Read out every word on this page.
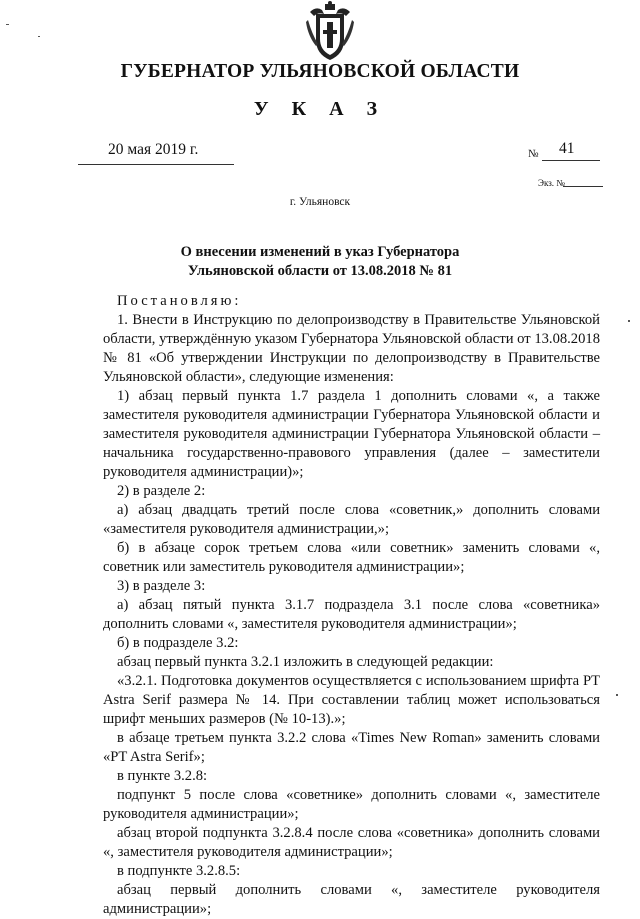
ГУБЕРНАТОР УЛЬЯНОВСКОЙ ОБЛАСТИ
У К А З
20 мая 2019 г.	№ 41
Экз. №
г. Ульяновск
О внесении изменений в указ Губернатора
Ульяновской области от 13.08.2018 № 81

Постановляю:

1. Внести в Инструкцию по делопроизводству в Правительстве Ульяновской области, утверждённую указом Губернатора Ульяновской области от 13.08.2018 № 81 «Об утверждении Инструкции по делопроизводству в Правительстве Ульяновской области», следующие изменения:

1) абзац первый пункта 1.7 раздела 1 дополнить словами «, а также заместителя руководителя администрации Губернатора Ульяновской области и заместителя руководителя администрации Губернатора Ульяновской области – начальника государственно-правового управления (далее – заместители руководителя администрации)»;

2) в разделе 2:

а) абзац двадцать третий после слова «советник,» дополнить словами «заместителя руководителя администрации,»;

б) в абзаце сорок третьем слова «или советник» заменить словами «, советник или заместитель руководителя администрации»;

3) в разделе 3:

а) абзац пятый пункта 3.1.7 подраздела 3.1 после слова «советника» дополнить словами «, заместителя руководителя администрации»;

б) в подразделе 3.2:

абзац первый пункта 3.2.1 изложить в следующей редакции:

«3.2.1. Подготовка документов осуществляется с использованием шрифта PT Astra Serif размера № 14. При составлении таблиц может использоваться шрифт меньших размеров (№ 10-13).»;

в абзаце третьем пункта 3.2.2 слова «Times New Roman» заменить словами «PT Astra Serif»;

в пункте 3.2.8:

подпункт 5 после слова «советнике» дополнить словами «, заместителе руководителя администрации»;

абзац второй подпункта 3.2.8.4 после слова «советника» дополнить словами «, заместителя руководителя администрации»;

в подпункте 3.2.8.5:

абзац первый дополнить словами «, заместителе руководителя администрации»;
